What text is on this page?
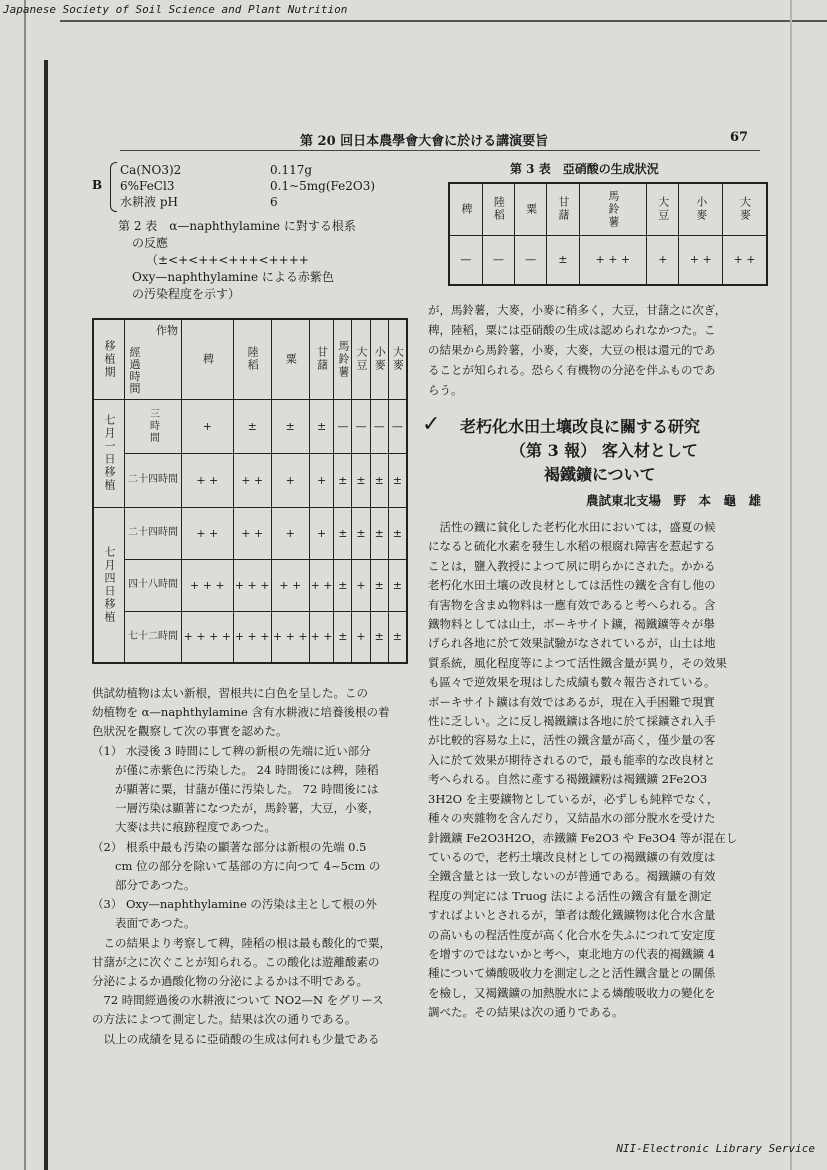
Japanese Society of Soil Science and Plant Nutrition
NII-Electronic Library Service
第 20 回日本農學會大會に於ける講演要旨	67
B
Ca(NO3)2	0.117g
6%FeCl3	0.1~5mg(Fe2O3)
水耕液 pH	6
第 2 表　α—naphthylamine に對する根系
の反應
（±<+<++<+++<++++
Oxy—naphthylamine による赤紫色
の汚染程度を示す）
移植期	作物
經過時間	稗	陸稻	粟	甘藷	馬鈴薯	大豆	小麥	大麥

七月一日移植	三時間	+	±	±	±	—	—	—	—
	二十四時間	+ +	+ +	+	+	±	±	±	±

七月四日移植	二十四時間	+ +	+ +	+	+	±	±	±	±
	四十八時間	+ + +	+ + +	+ +	+ +	±	+	±	±
	七十二時間	+ + + +	+ + +	+ + +	+ +	±	+	±	±
供試幼植物は太い新根，習根共に白色を呈した。この
幼植物を α—naphthylamine 含有水耕液に培養後根の着
色狀況を觀察して次の事實を認めた。
（1） 水浸後 3 時間にして稗の新根の先端に近い部分
　　が僅に赤紫色に汚染した。 24 時間後には稗，陸稻
　　が顯著に粟，甘藷が僅に汚染した。 72 時間後には
　　一層汚染は顯著になつたが，馬鈴薯，大豆，小麥，
　　大麥は共に痕跡程度であつた。
（2） 根系中最も汚染の顯著な部分は新根の先端 0.5
　　cm 位の部分を除いて基部の方に向つて 4~5cm の
　　部分であつた。
（3） Oxy—naphthylamine の汚染は主として根の外
　　表面であつた。
　この結果より考察して稗，陸稻の根は最も酸化的で粟，
甘藷が之に次ぐことが知られる。この酸化は遊離酸素の
分泌によるか過酸化物の分泌によるかは不明である。
　72 時間經過後の水耕液について NO2—N をグリース
の方法によつて測定した。結果は次の通りである。
　以上の成績を見るに亞硝酸の生成は何れも少量である
第 3 表　亞硝酸の生成狀況
稗	陸稻	粟	甘藷	馬鈴薯	大豆	小麥	大麥

—	—	—	±	+ + +	+	+ +	+ +
が，馬鈴薯，大麥，小麥に稍多く，大豆，甘藷之に次ぎ，
稗，陸稻，粟には亞硝酸の生成は認められなかつた。こ
の結果から馬鈴薯，小麥，大麥，大豆の根は還元的であ
ることが知られる。恐らく有機物の分泌を伴ふものであ
らう。
✓ 老朽化水田土壤改良に關する研究
（第 3 報） 客入材として
褐鐵鑛について
農試東北支場　野　本　龜　雄
　活性の鐵に貧化した老朽化水田においては，盛夏の候
になると硫化水素を發生し水稻の根腐れ障害を惹起する
ことは，鹽入教授によつて夙に明らかにされた。かかる
老朽化水田土壤の改良材としては活性の鐵を含有し他の
有害物を含まぬ物料は一應有效であると考へられる。含
鐵物料としては山土，ボーキサイト鑛，褐鐵鑛等々が舉
げられ各地に於て效果試驗がなされているが，山土は地
質系統，風化程度等によつて活性鐵含量が異り，その效果
も區々で逆效果を現はした成績も數々報告されている。
ボーキサイト鑛は有效ではあるが，現在入手困難で現實
性に乏しい。之に反し褐鐵鑛は各地に於て採鑛され入手
が比較的容易な上に，活性の鐵含量が高く，僅少量の客
入に於て效果が期待されるので，最も能率的な改良材と
考へられる。自然に產する褐鐵鑛粉は褐鐵鑛 2Fe2O3
3H2O を主要鑛物としているが，必ずしも純粹でなく，
種々の夾雜物を含んだり，又結晶水の部分脫水を受けた
針鐵鑛 Fe2O3H2O，赤鐵鑛 Fe2O3 や Fe3O4 等が混在し
ているので，老朽土壤改良材としての褐鐵鑛の有效度は
全鐵含量とは一致しないのが普通である。褐鐵鑛の有效
程度の判定には Truog 法による活性の鐵含有量を測定
すればよいとされるが，筆者は酸化鐵鑛物は化合水含量
の高いもの程活性度が高く化合水を失ふにつれて安定度
を增すのではないかと考へ，東北地方の代表的褐鐵鑛 4
種について燐酸吸收力を測定し之と活性鐵含量との關係
を檢し，又褐鐵鑛の加熱脫水による燐酸吸收力の變化を
調べた。その結果は次の通りである。
